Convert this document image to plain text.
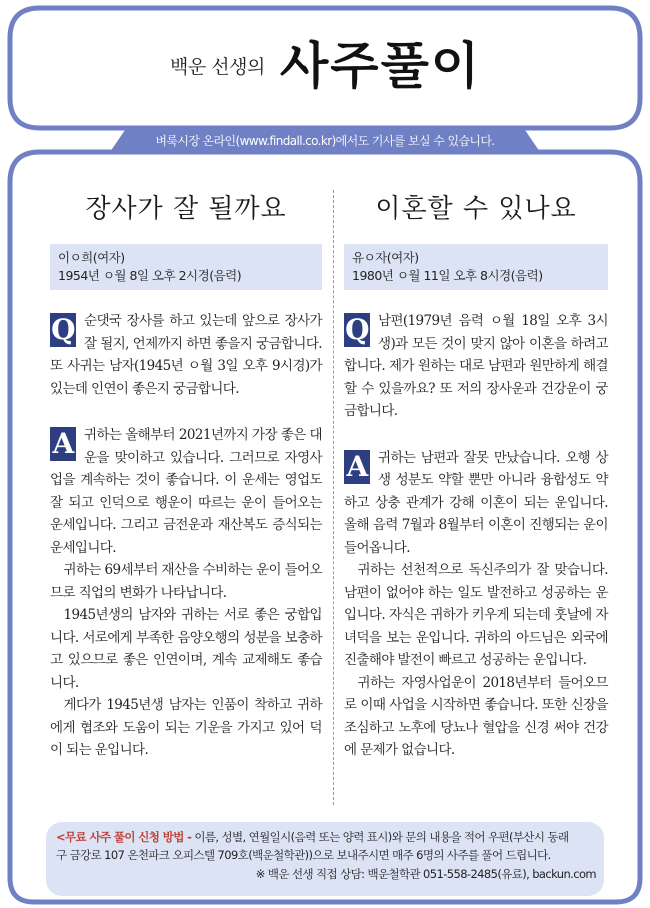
백운 선생의 사주풀이
벼룩시장 온라인(www.findall.co.kr)에서도 기사를 보실 수 있습니다.
장사가 잘 될까요
이ㅇ희(여자)
1954년 ㅇ월 8일 오후 2시경(음력)
Q 순댓국 장사를 하고 있는데 앞으로 장사가 잘 될지, 언제까지 하면 좋을지 궁금합니다. 또 사귀는 남자(1945년 ㅇ월 3일 오후 9시경)가 있는데 인연이 좋은지 궁금합니다.

A 귀하는 올해부터 2021년까지 가장 좋은 대운을 맞이하고 있습니다. 그러므로 자영사업을 계속하는 것이 좋습니다. 이 운세는 영업도 잘 되고 인덕으로 행운이 따르는 운이 들어오는 운세입니다. 그리고 금전운과 재산복도 증식되는 운세입니다.

귀하는 69세부터 재산을 수비하는 운이 들어오므로 직업의 변화가 나타납니다.

1945년생의 남자와 귀하는 서로 좋은 궁합입니다. 서로에게 부족한 음양오행의 성분을 보충하고 있으므로 좋은 인연이며, 계속 교제해도 좋습니다.

게다가 1945년생 남자는 인품이 착하고 귀하에게 협조와 도움이 되는 기운을 가지고 있어 덕이 되는 운입니다.

이혼할 수 있나요
유ㅇ자(여자)
1980년 ㅇ월 11일 오후 8시경(음력)
Q 남편(1979년 음력 ㅇ월 18일 오후 3시생)과 모든 것이 맞지 않아 이혼을 하려고 합니다. 제가 원하는 대로 남편과 원만하게 해결할 수 있을까요? 또 저의 장사운과 건강운이 궁금합니다.

A 귀하는 남편과 잘못 만났습니다. 오행 상생 성분도 약할 뿐만 아니라 융합성도 약하고 상충 관계가 강해 이혼이 되는 운입니다. 올해 음력 7월과 8월부터 이혼이 진행되는 운이 들어옵니다.

귀하는 선천적으로 독신주의가 잘 맞습니다. 남편이 없어야 하는 일도 발전하고 성공하는 운입니다. 자식은 귀하가 키우게 되는데 훗날에 자녀덕을 보는 운입니다. 귀하의 아드님은 외국에 진출해야 발전이 빠르고 성공하는 운입니다.

귀하는 자영사업운이 2018년부터 들어오므로 이때 사업을 시작하면 좋습니다. 또한 신장을 조심하고 노후에 당뇨나 혈압을 신경 써야 건강에 문제가 없습니다.

<무료 사주 풀이 신청 방법 - 이름, 성별, 연월일시(음력 또는 양력 표시)와 문의 내용을 적어 우편(부산시 동래
구 금강로 107 온천파크 오피스텔 709호(백운철학관))으로 보내주시면 매주 6명의 사주를 풀어 드립니다.
※ 백운 선생 직접 상담: 백운철학관 051-558-2485(유료), backun.com
